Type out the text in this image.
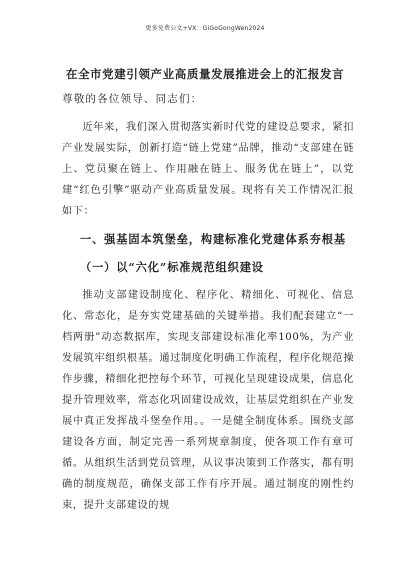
更多免费公文+VX：GiGoGongWen2024
在全市党建引领产业高质量发展推进会上的汇报发言
尊敬的各位领导、同志们：

近年来，我们深入贯彻落实新时代党的建设总要求，紧扣产业发展实际，创新打造“链上党建”品牌，推动“支部建在链上、党员聚在链上、作用融在链上、服务优在链上”，以党建“红色引擎”驱动产业高质量发展。现将有关工作情况汇报如下：

一、强基固本筑堡垒，构建标准化党建体系夯根基
（一）以“六化”标准规范组织建设

推动支部建设制度化、程序化、精细化、可视化、信息化、常态化，是夯实党建基础的关键举措。我们配套建立“一档两册”动态数据库，实现支部建设标准化率100%，为产业发展筑牢组织根基。通过制度化明确工作流程，程序化规范操作步骤，精细化把控每个环节，可视化呈现建设成果，信息化提升管理效率，常态化巩固建设成效，让基层党组织在产业发展中真正发挥战斗堡垒作用。。一是健全制度体系。围绕支部建设各方面，制定完善一系列规章制度，使各项工作有章可循。从组织生活到党员管理，从议事决策到工作落实，都有明确的制度规范，确保支部工作有序开展。通过制度的刚性约束，提升支部建设的规
